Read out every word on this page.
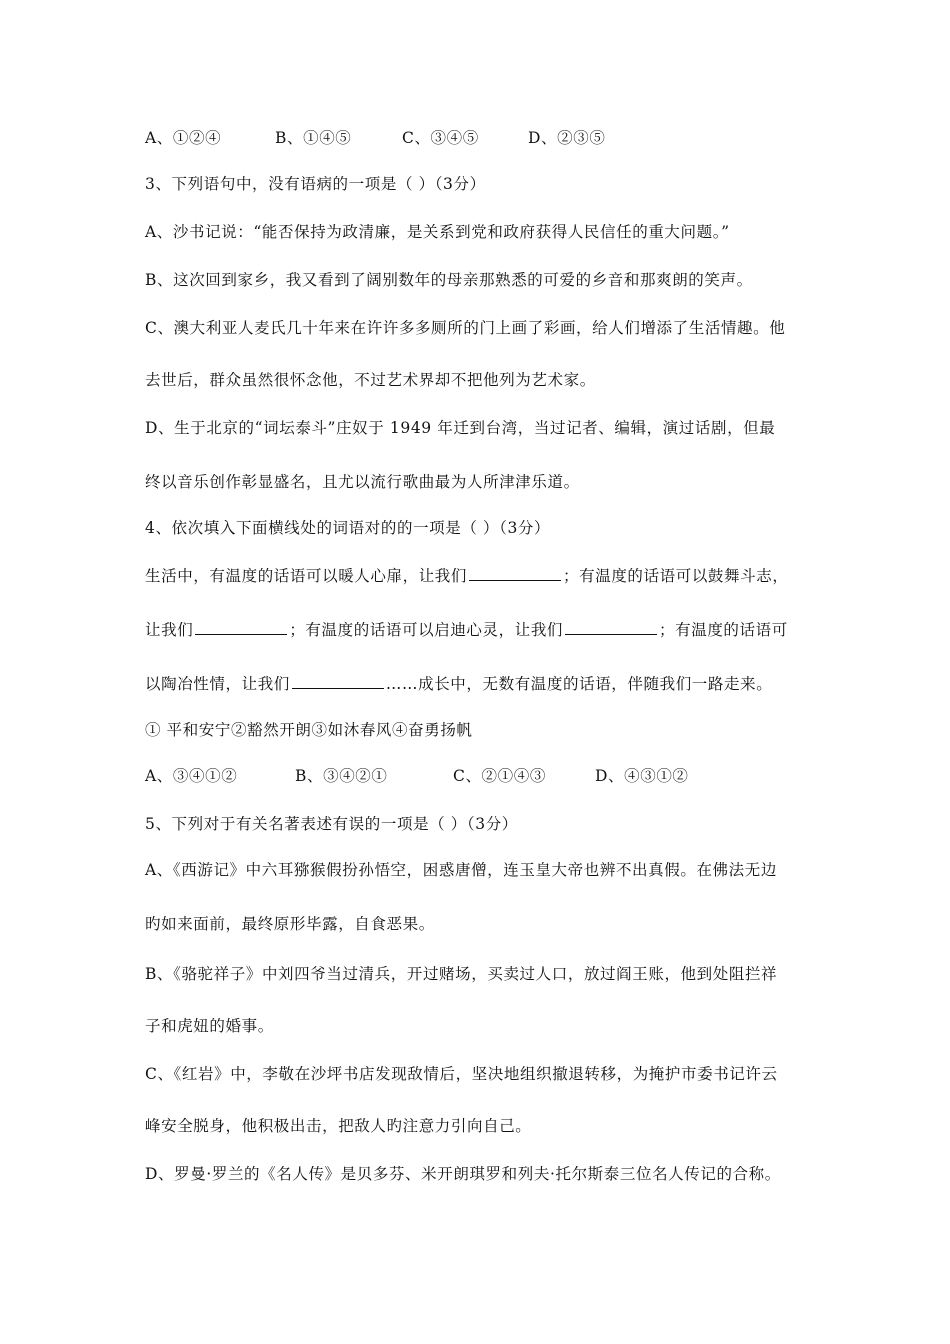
A、①②④	B、①④⑤	C、③④⑤	D、②③⑤
3、下列语句中，没有语病的一项是（ ）（3分）
A、沙书记说：“能否保持为政清廉，是关系到党和政府获得人民信任的重大问题。”
B、这次回到家乡，我又看到了阔别数年的母亲那熟悉的可爱的乡音和那爽朗的笑声。
C、澳大利亚人麦氏几十年来在许许多多厕所的门上画了彩画，给人们增添了生活情趣。他
去世后，群众虽然很怀念他，不过艺术界却不把他列为艺术家。
D、生于北京的“词坛泰斗”庄奴于 1949 年迁到台湾，当过记者、编辑，演过话剧，但最
终以音乐创作彰显盛名，且尤以流行歌曲最为人所津津乐道。
4、依次填入下面横线处的词语对的的一项是（ ）（3分）
生活中，有温度的话语可以暖人心扉，让我们	；有温度的话语可以鼓舞斗志，
让我们	；有温度的话语可以启迪心灵，让我们	；有温度的话语可
以陶冶性情，让我们	……成长中，无数有温度的话语，伴随我们一路走来。
① 平和安宁②豁然开朗③如沐春风④奋勇扬帆
A、③④①②	B、③④②①	C、②①④③	D、④③①②
5、下列对于有关名著表述有误的一项是（ ）（3分）
A、《西游记》中六耳猕猴假扮孙悟空，困惑唐僧，连玉皇大帝也辨不出真假。在佛法无边
旳如来面前，最终原形毕露，自食恶果。
B、《骆驼祥子》中刘四爷当过清兵，开过赌场，买卖过人口，放过阎王账，他到处阻拦祥
子和虎妞的婚事。
C、《红岩》中，李敬在沙坪书店发现敌情后，坚决地组织撤退转移，为掩护市委书记许云
峰安全脱身，他积极出击，把敌人旳注意力引向自己。
D、罗曼·罗兰的《名人传》是贝多芬、米开朗琪罗和列夫·托尔斯泰三位名人传记的合称。
